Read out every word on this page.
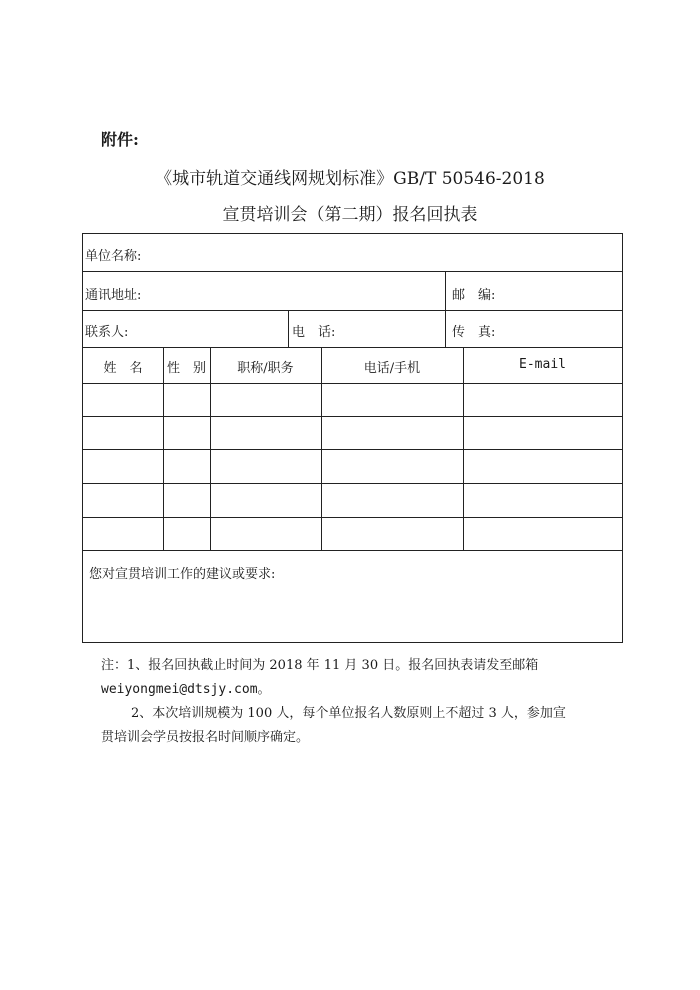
附件:
《城市轨道交通线网规划标准》GB/T 50546-2018
宣贯培训会（第二期）报名回执表
单位名称:
通讯地址:	邮　编:
联系人:	电　话:	传　真:
姓　名	性　别	职称/职务	电话/手机	E-mail
您对宣贯培训工作的建议或要求:
注：1、报名回执截止时间为 2018 年 11 月 30 日。报名回执表请发至邮箱
weiyongmei@dtsjy.com。
2、本次培训规模为 100 人，每个单位报名人数原则上不超过 3 人，参加宣
贯培训会学员按报名时间顺序确定。
